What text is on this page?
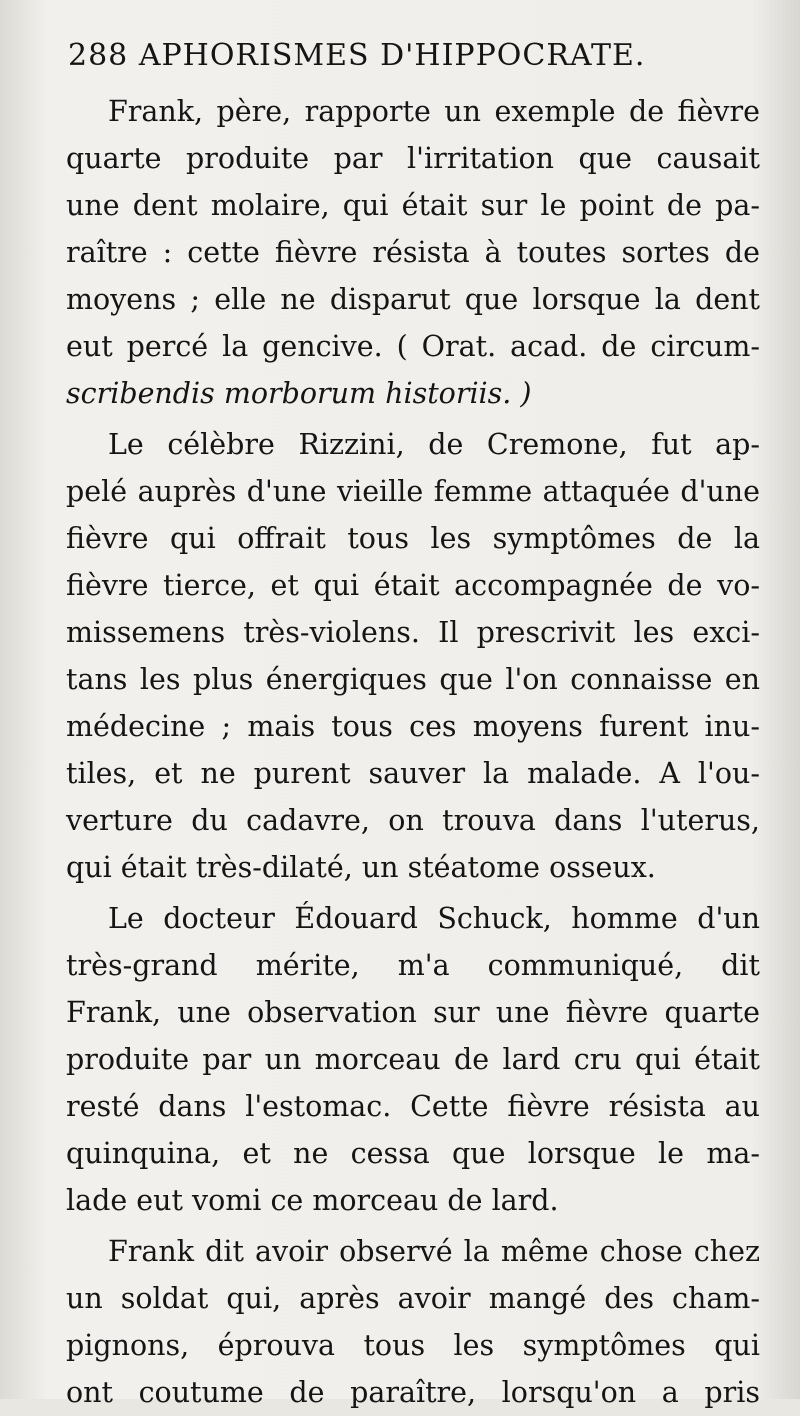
288 APHORISMES D'HIPPOCRATE.
Frank, père, rapporte un exemple de fièvre
quarte produite par l'irritation que causait
une dent molaire, qui était sur le point de pa-
raître : cette fièvre résista à toutes sortes de
moyens ; elle ne disparut que lorsque la dent
eut percé la gencive. ( Orat. acad. de circum-
scribendis morborum historiis. )
Le célèbre Rizzini, de Cremone, fut ap-
pelé auprès d'une vieille femme attaquée d'une
fièvre qui offrait tous les symptômes de la
fièvre tierce, et qui était accompagnée de vo-
missemens très-violens. Il prescrivit les exci-
tans les plus énergiques que l'on connaisse en
médecine ; mais tous ces moyens furent inu-
tiles, et ne purent sauver la malade. A l'ou-
verture du cadavre, on trouva dans l'uterus,
qui était très-dilaté, un stéatome osseux.
Le docteur Édouard Schuck, homme d'un
très-grand mérite, m'a communiqué, dit
Frank, une observation sur une fièvre quarte
produite par un morceau de lard cru qui était
resté dans l'estomac. Cette fièvre résista au
quinquina, et ne cessa que lorsque le ma-
lade eut vomi ce morceau de lard.
Frank dit avoir observé la même chose chez
un soldat qui, après avoir mangé des cham-
pignons, éprouva tous les symptômes qui
ont coutume de paraître, lorsqu'on a pris
